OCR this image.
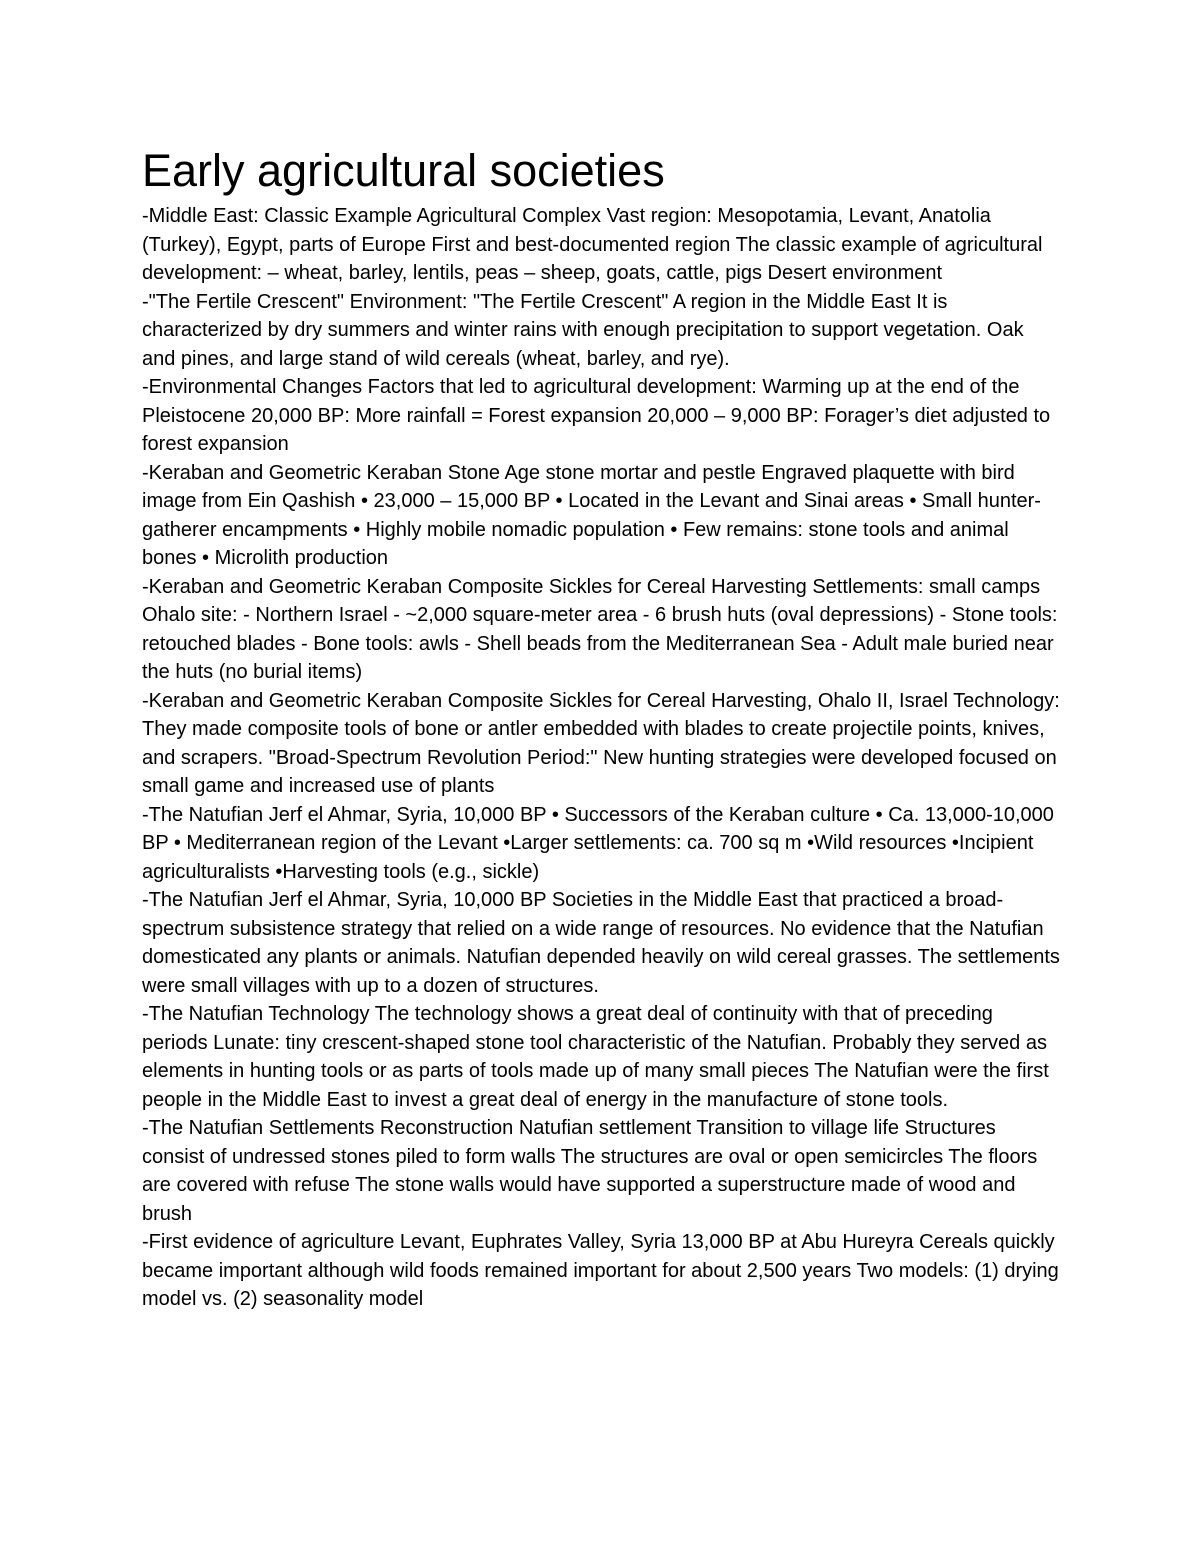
Early agricultural societies

-Middle East: Classic Example Agricultural Complex Vast region: Mesopotamia, Levant, Anatolia (Turkey), Egypt, parts of Europe First and best-documented region The classic example of agricultural development: – wheat, barley, lentils, peas – sheep, goats, cattle, pigs Desert environment

-"The Fertile Crescent" Environment: "The Fertile Crescent" A region in the Middle East It is characterized by dry summers and winter rains with enough precipitation to support vegetation. Oak and pines, and large stand of wild cereals (wheat, barley, and rye).

-Environmental Changes Factors that led to agricultural development: Warming up at the end of the Pleistocene 20,000 BP: More rainfall = Forest expansion 20,000 – 9,000 BP: Forager’s diet adjusted to forest expansion

-Keraban and Geometric Keraban Stone Age stone mortar and pestle Engraved plaquette with bird image from Ein Qashish • 23,000 – 15,000 BP • Located in the Levant and Sinai areas • Small hunter-gatherer encampments • Highly mobile nomadic population • Few remains: stone tools and animal bones • Microlith production

-Keraban and Geometric Keraban Composite Sickles for Cereal Harvesting Settlements: small camps Ohalo site: - Northern Israel - ~2,000 square-meter area - 6 brush huts (oval depressions) - Stone tools: retouched blades - Bone tools: awls - Shell beads from the Mediterranean Sea - Adult male buried near the huts (no burial items)

-Keraban and Geometric Keraban Composite Sickles for Cereal Harvesting, Ohalo II, Israel Technology: They made composite tools of bone or antler embedded with blades to create projectile points, knives, and scrapers. "Broad-Spectrum Revolution Period:" New hunting strategies were developed focused on small game and increased use of plants

-The Natufian Jerf el Ahmar, Syria, 10,000 BP • Successors of the Keraban culture • Ca. 13,000-10,000 BP • Mediterranean region of the Levant •Larger settlements: ca. 700 sq m •Wild resources •Incipient agriculturalists •Harvesting tools (e.g., sickle)

-The Natufian Jerf el Ahmar, Syria, 10,000 BP Societies in the Middle East that practiced a broad-spectrum subsistence strategy that relied on a wide range of resources. No evidence that the Natufian domesticated any plants or animals. Natufian depended heavily on wild cereal grasses. The settlements were small villages with up to a dozen of structures.

-The Natufian Technology The technology shows a great deal of continuity with that of preceding periods Lunate: tiny crescent-shaped stone tool characteristic of the Natufian. Probably they served as elements in hunting tools or as parts of tools made up of many small pieces The Natufian were the first people in the Middle East to invest a great deal of energy in the manufacture of stone tools.

-The Natufian Settlements Reconstruction Natufian settlement Transition to village life Structures consist of undressed stones piled to form walls The structures are oval or open semicircles The floors are covered with refuse The stone walls would have supported a superstructure made of wood and brush

-First evidence of agriculture Levant, Euphrates Valley, Syria 13,000 BP at Abu Hureyra Cereals quickly became important although wild foods remained important for about 2,500 years Two models: (1) drying model vs. (2) seasonality model
